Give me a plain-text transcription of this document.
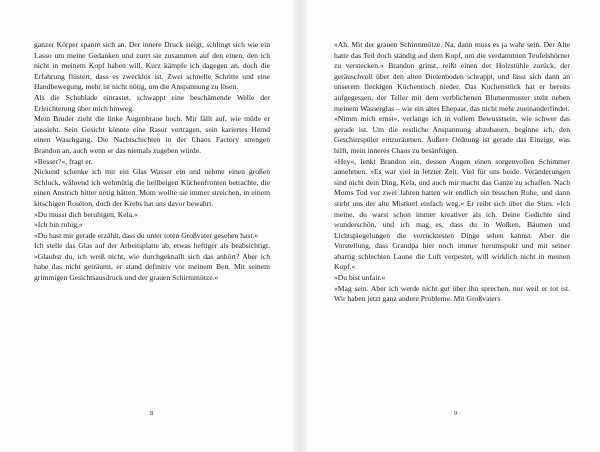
ganzer Körper spannt sich an. Der innere Druck steigt, schlingt sich wie ein Lasso um meine Gedanken und zurrt sie zusammen auf den einen, den ich nicht in meinem Kopf haben will. Kurz kämpfe ich dagegen an, doch die Erfahrung flüstert, dass es zwecklos ist. Zwei schnelle Schritte und eine Handbewegung, mehr ist nicht nötig, um die Anspannung zu lösen.

Als die Schublade einrastet, schwappt eine beschämende Welle der Erleichterung über mich hinweg.

Mein Bruder zieht die linke Augenbraue hoch. Mir fällt auf, wie müde er aussieht. Sein Gesicht könnte eine Rasur vertragen, sein kariertes Hemd einen Waschgang. Die Nachtschichten in der Chaos Factory strengen Brandon an, auch wenn er das niemals zugeben würde.

»Besser?«, fragt er.

Nickend schenke ich mir ein Glas Wasser ein und nehme einen großen Schluck, während ich wehmütig die hellbeigen Küchenfronten betrachte, die einen Anstrich bitter nötig hätten. Mom wollte sie immer streichen, in einem kitschigen Roséton, doch der Krebs hat uns davor bewahrt.

»Du musst dich beruhigen, Kela.«

»Ich bin ruhig.«

»Du hast mir gerade erzählt, dass du unter toten Großvater gesehen hast.«

Ich stelle das Glas auf der Arbeitsplatte ab, etwas heftiger als beabsichtigt. »Glaubst du, ich weiß nicht, wie durchgeknallt sich das anhört? Aber ich habe das nicht geträumt, er stand definitiv vor meinem Bett. Mit seinem grimmigen Gesichtsausdruck und der grauen Schirmmütze.«

8

»Ah. Mit der grauen Schirmmütze. Na, dann muss es ja wahr sein. Der Alte hatte das Teil doch ständig auf dem Kopf, um die verdammten Teufelshörner zu verstecken.« Brandon grinst, reißt einen der Holzstühle zurück, der geräuschvoll über den alten Dielenboden schrappt, und lässt sich dann an unserem fleckigen Küchentisch nieder. Das Kuchenstück hat er bereits aufgegessen, der Teller mit dem verblichenen Blumenmuster steht neben meinem Wasserglas – wie ein altes Ehepaar, das nicht mehr zueinanderfindet.

»Nimm mich ernst«, verlange ich in vollem Bewusstsein, wie schwer das gerade ist. Um die restliche Anspannung abzubauen, beginne ich, den Geschirrspüler einzuräumen. Äußere Ordnung ist gerade das Einzige, was hilft, mein inneres Chaos zu besänftigen.

»Hey«, lenkt Brandon ein, dessen Augen einen sorgenvollen Schimmer annehmen. »Es war viel in letzter Zeit. Viel für uns beide. Veränderungen sind nicht dein Ding, Kela, und auch mir macht das Ganze zu schaffen. Nach Moms Tod vor zwei Jahren hatten wir endlich ein bisschen Ruhe, und dann stirbt uns der alte Mistkerl einfach weg.« Er reibt sich über die Stirn. »Ich meine, du warst schon immer kreativer als ich. Deine Gedichte sind wunderschön, und ich mag es, dass du in Wolken, Bäumen und Lichtspiegelungen die verrücktesten Dinge sehen kannst. Aber die Vorstellung, dass Grandpa hier noch immer herumspukt und mit seiner abartig schlechten Laune die Luft verpestet, will wirklich nicht in meinen Kopf.«

»Du bist unfair.«

»Mag sein. Aber ich werde nicht gut über ihn sprechen, nur weil er tot ist. Wir haben jetzt ganz andere Probleme. Mit Großvaters

9
